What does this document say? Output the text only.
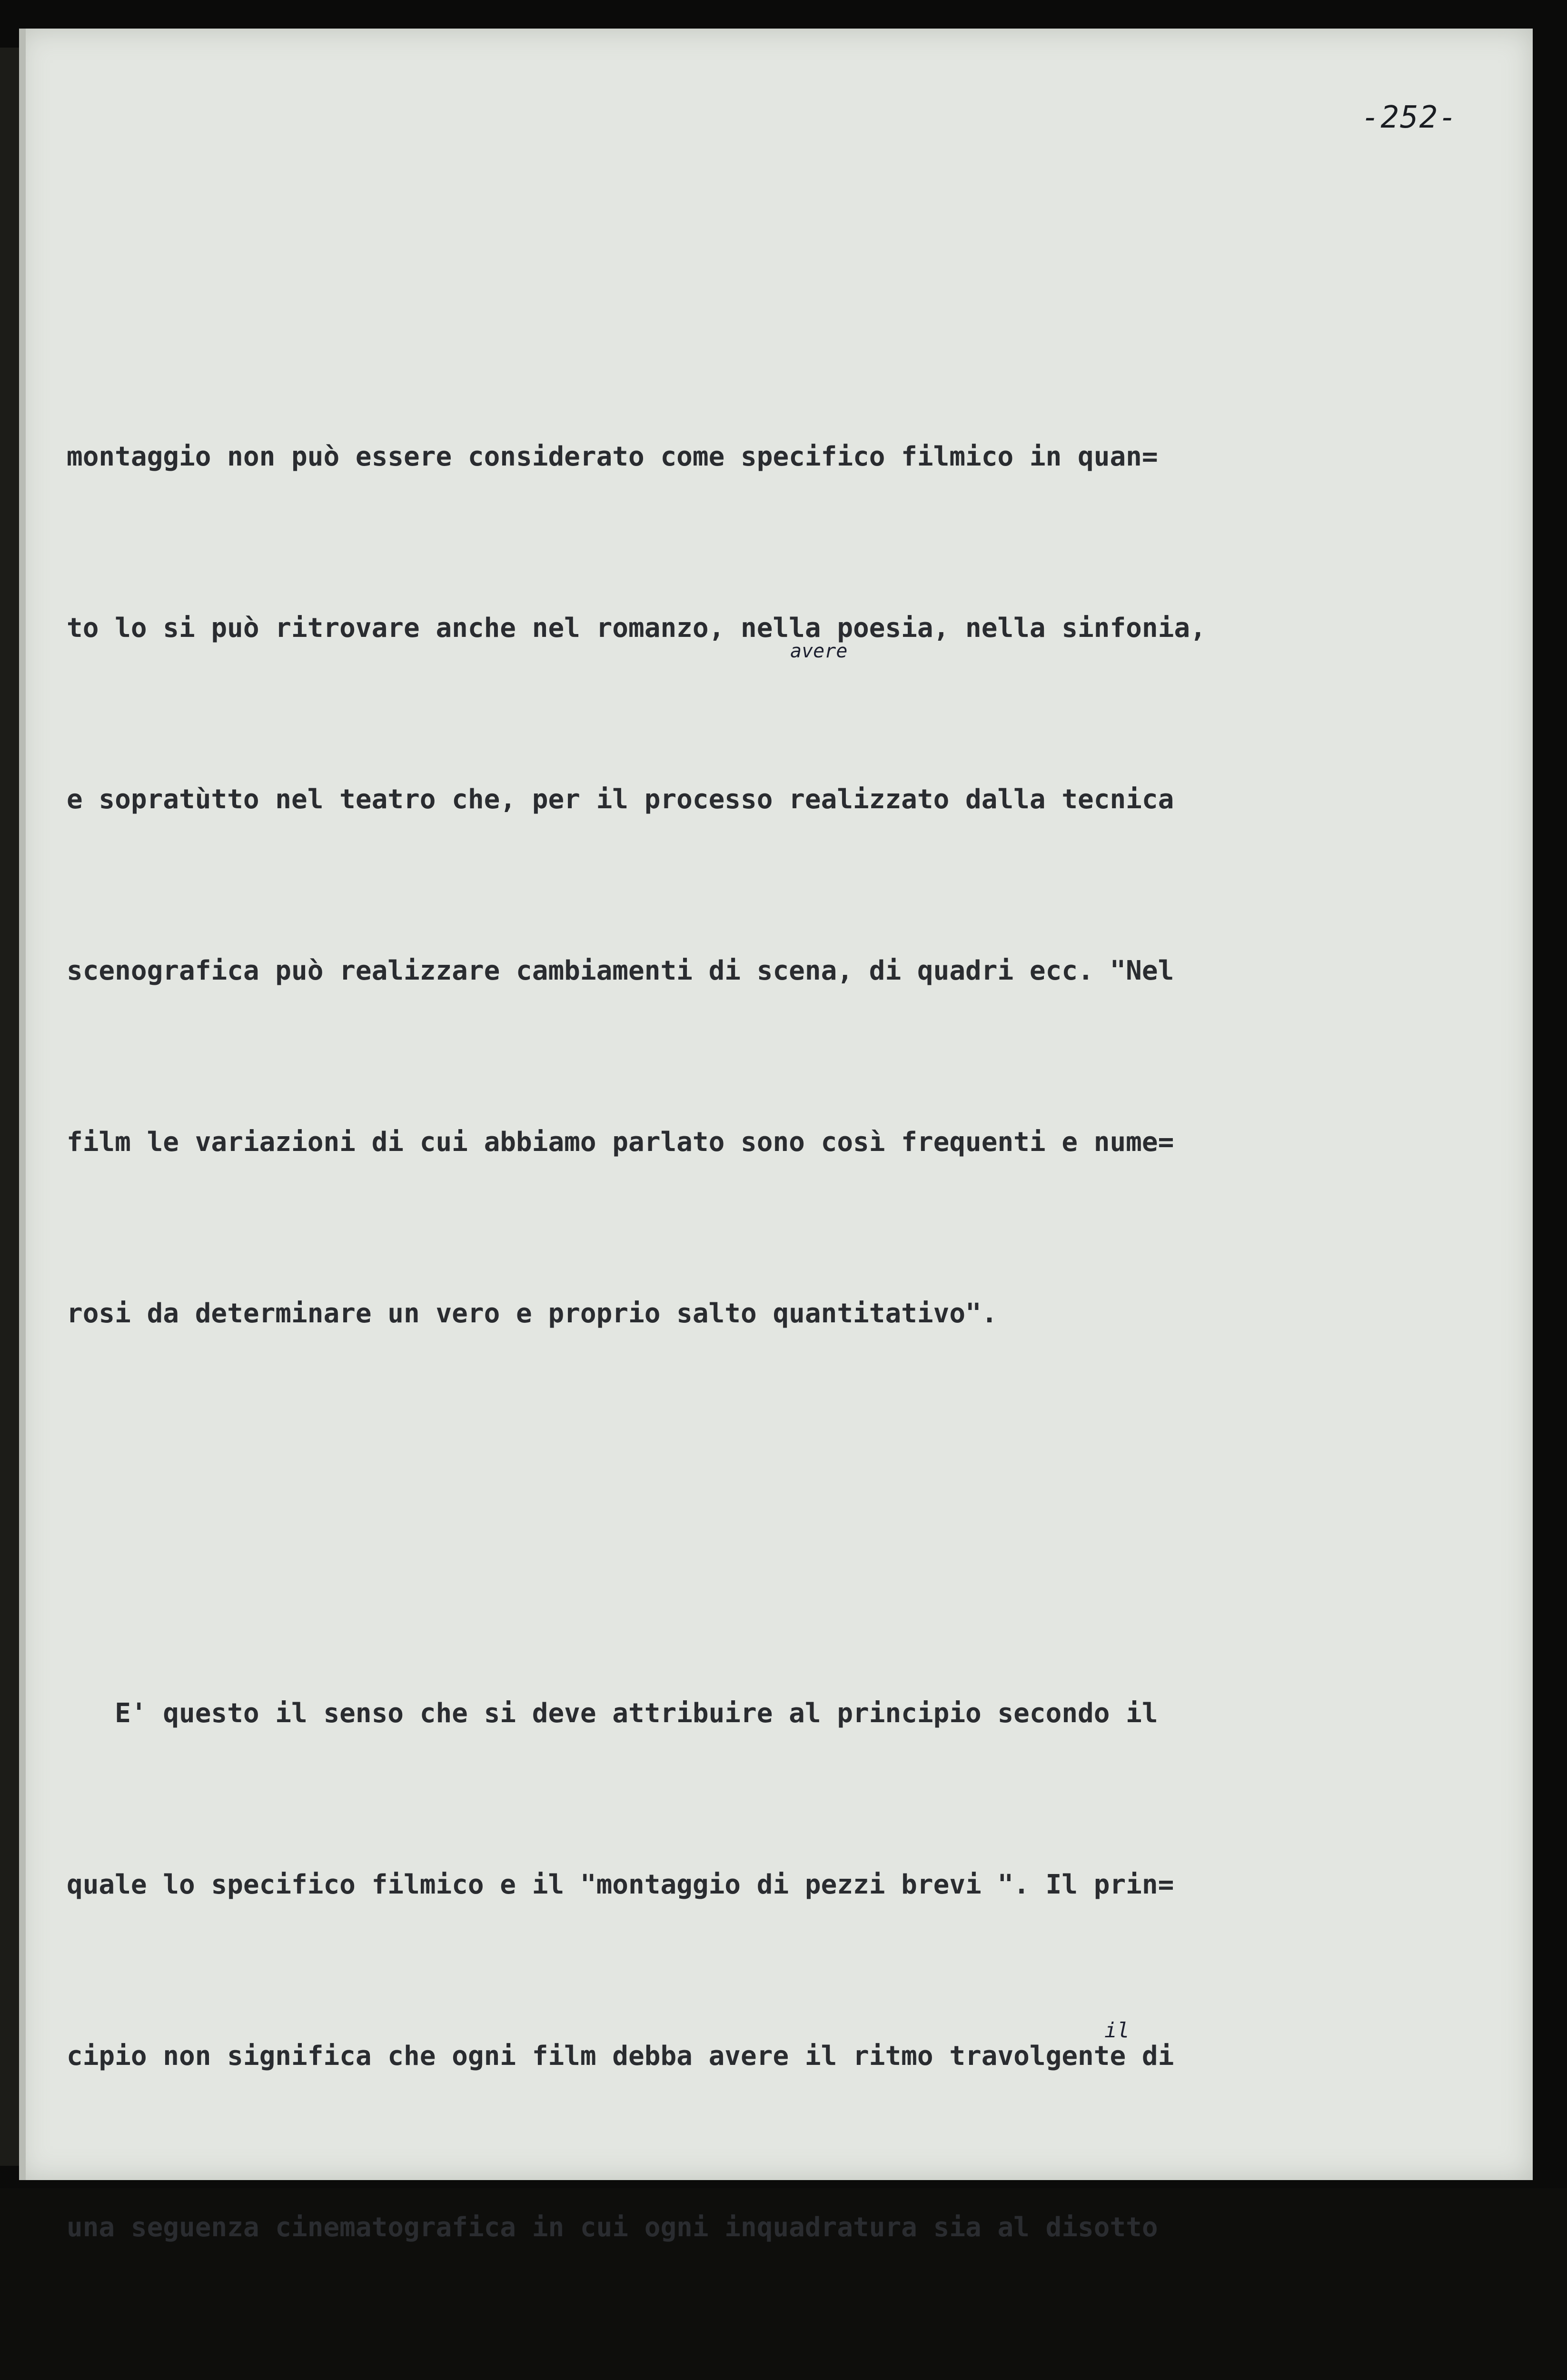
-252-
avere
il

montaggio non può essere considerato come specifico filmico in quan=

to lo si può ritrovare anche nel romanzo, nella poesia, nella sinfonia,

e sopratùtto nel teatro che, per il processo realizzato dalla tecnica

scenografica può realizzare cambiamenti di scena, di quadri ecc. "Nel

film le variazioni di cui abbiamo parlato sono così frequenti e nume=

rosi da determinare un vero e proprio salto quantitativo".

E' questo il senso che si deve attribuire al principio secondo il

quale lo specifico filmico e il "montaggio di pezzi brevi ". Il prin=

cipio non significa che ogni film debba avere il ritmo travolgente di

una seguenza cinematografica in cui ogni inquadratura sia al disotto
